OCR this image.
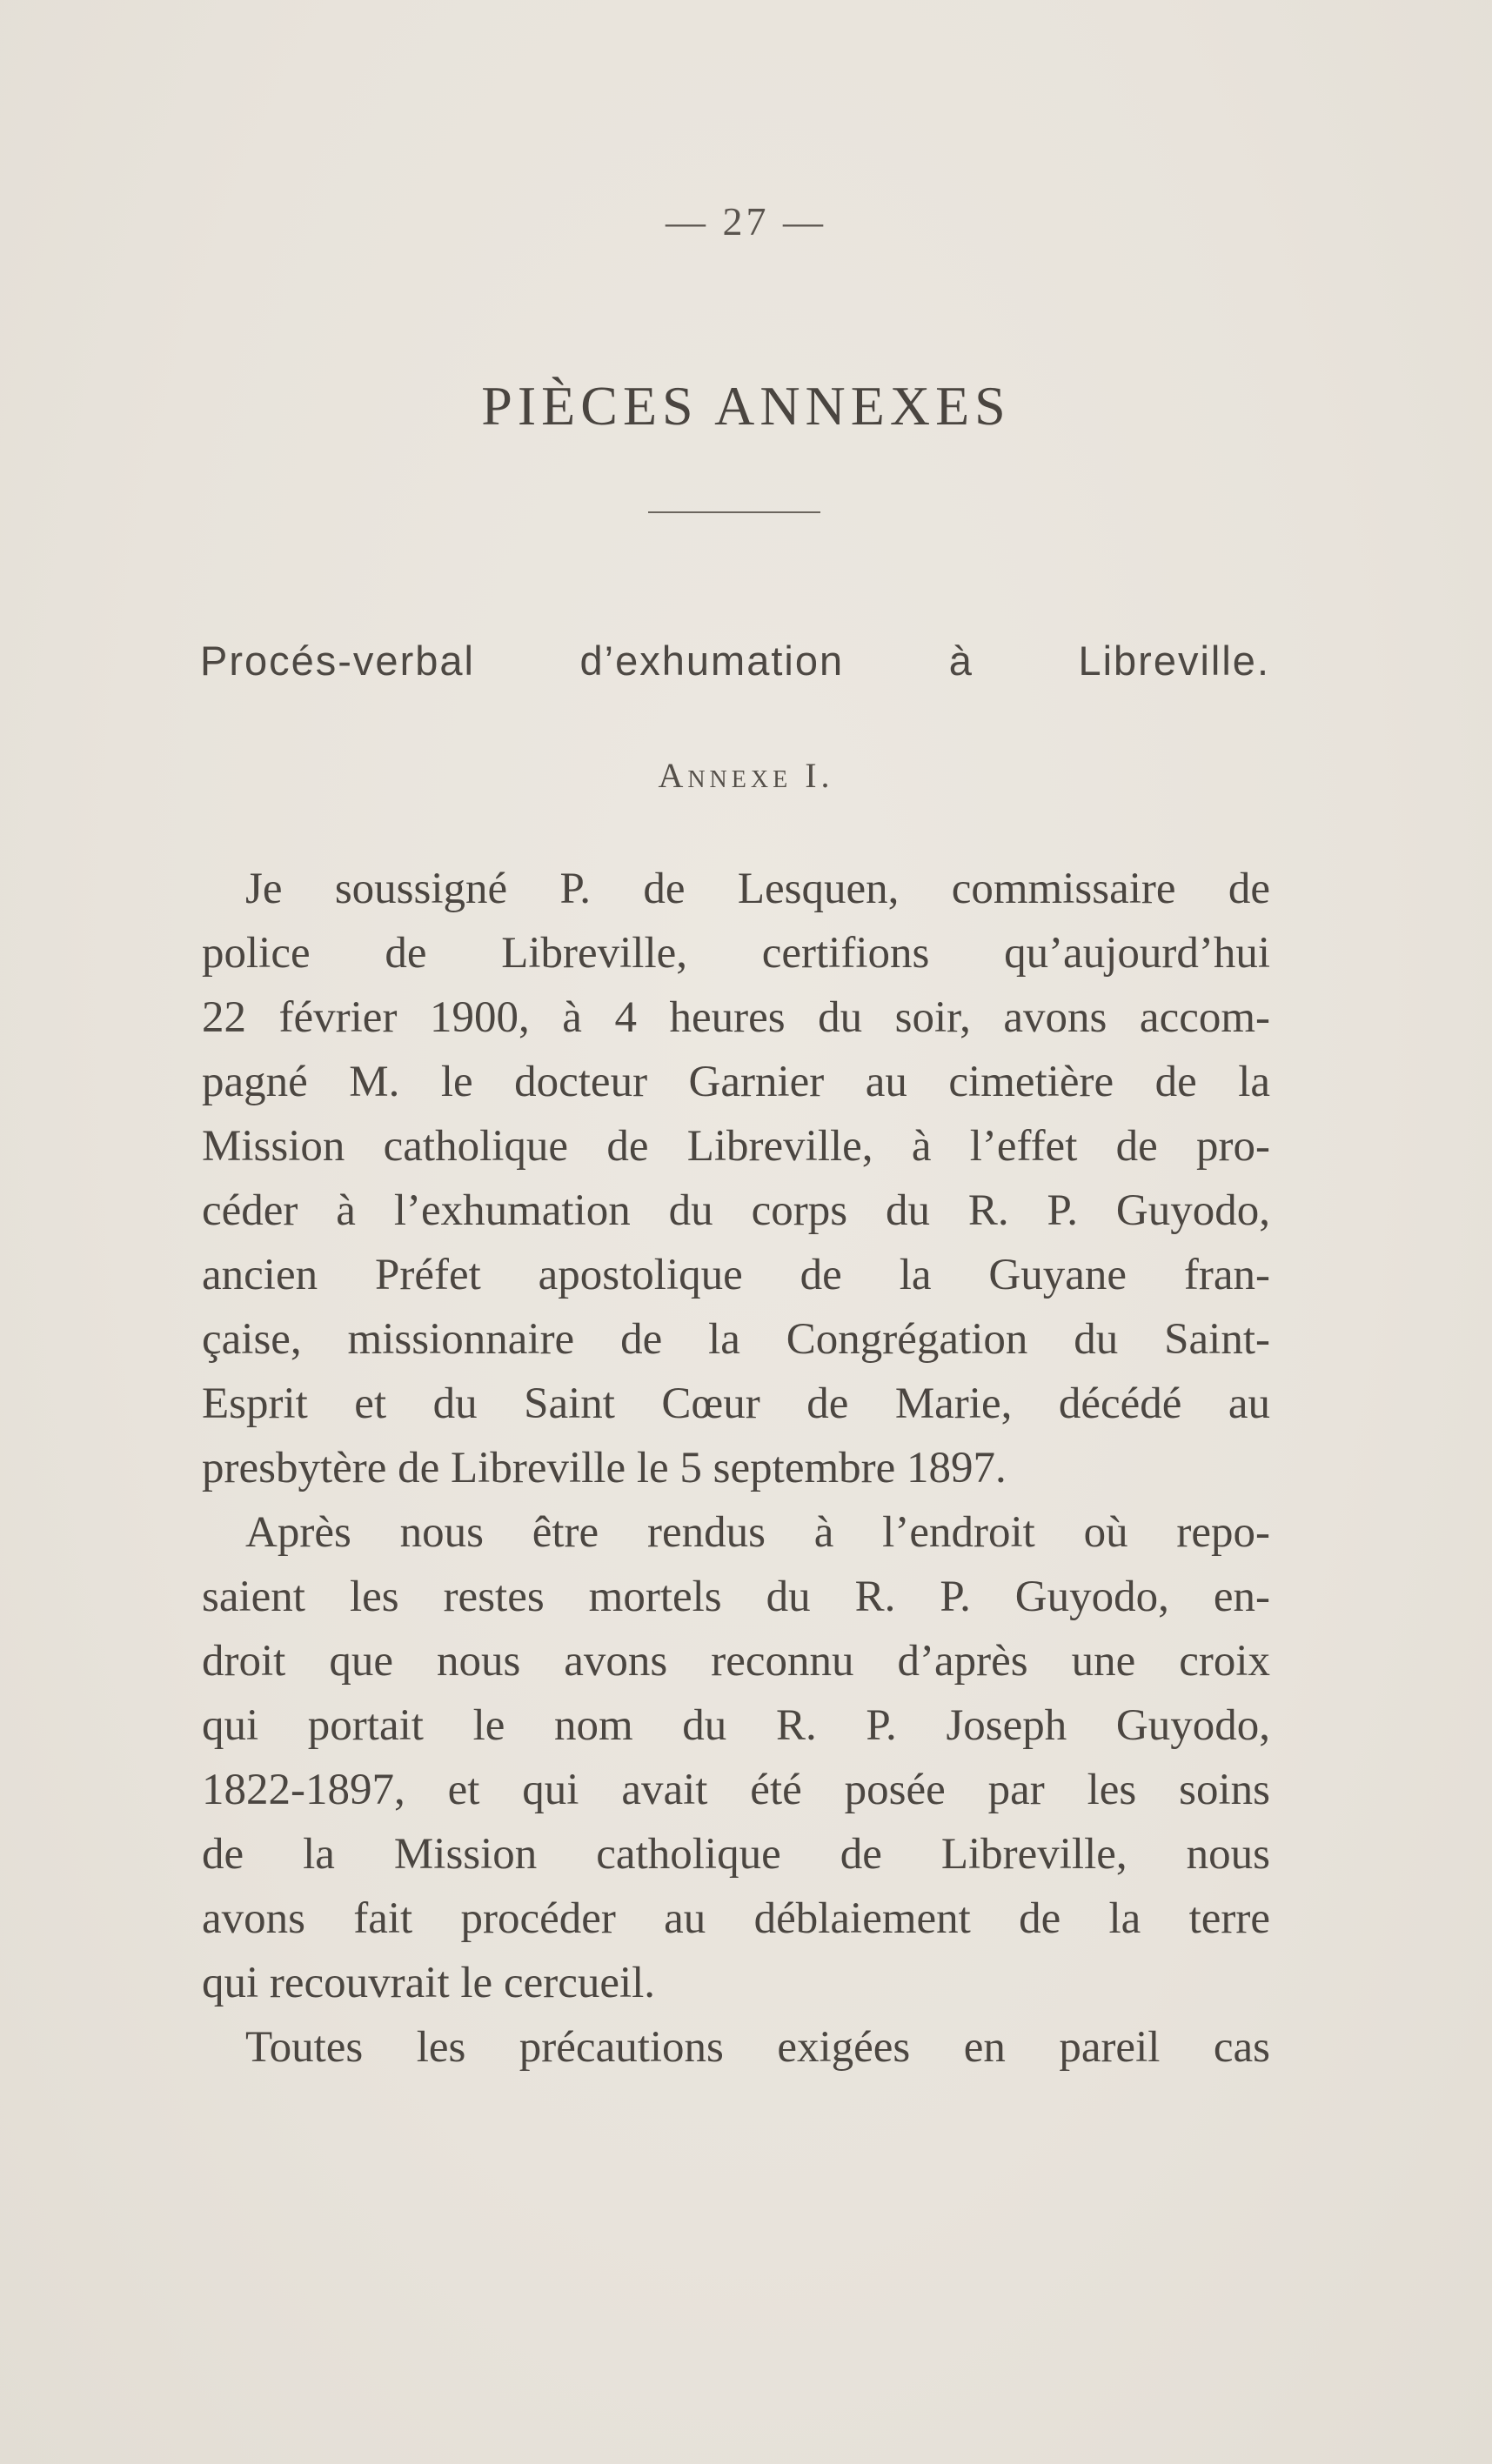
— 27 —
PIÈCES ANNEXES
Procés-verbal d’exhumation à Libreville.
Annexe I.
Je soussigné P. de Lesquen, commissaire de
police de Libreville, certifions qu’aujourd’hui
22 février 1900, à 4 heures du soir, avons accom-
pagné M. le docteur Garnier au cimetière de la
Mission catholique de Libreville, à l’effet de pro-
céder à l’exhumation du corps du R. P. Guyodo,
ancien Préfet apostolique de la Guyane fran-
çaise, missionnaire de la Congrégation du Saint-
Esprit et du Saint Cœur de Marie, décédé au
presbytère de Libreville le 5 septembre 1897.
Après nous être rendus à l’endroit où repo-
saient les restes mortels du R. P. Guyodo, en-
droit que nous avons reconnu d’après une croix
qui portait le nom du R. P. Joseph Guyodo,
1822-1897, et qui avait été posée par les soins
de la Mission catholique de Libreville, nous
avons fait procéder au déblaiement de la terre
qui recouvrait le cercueil.
Toutes les précautions exigées en pareil cas
